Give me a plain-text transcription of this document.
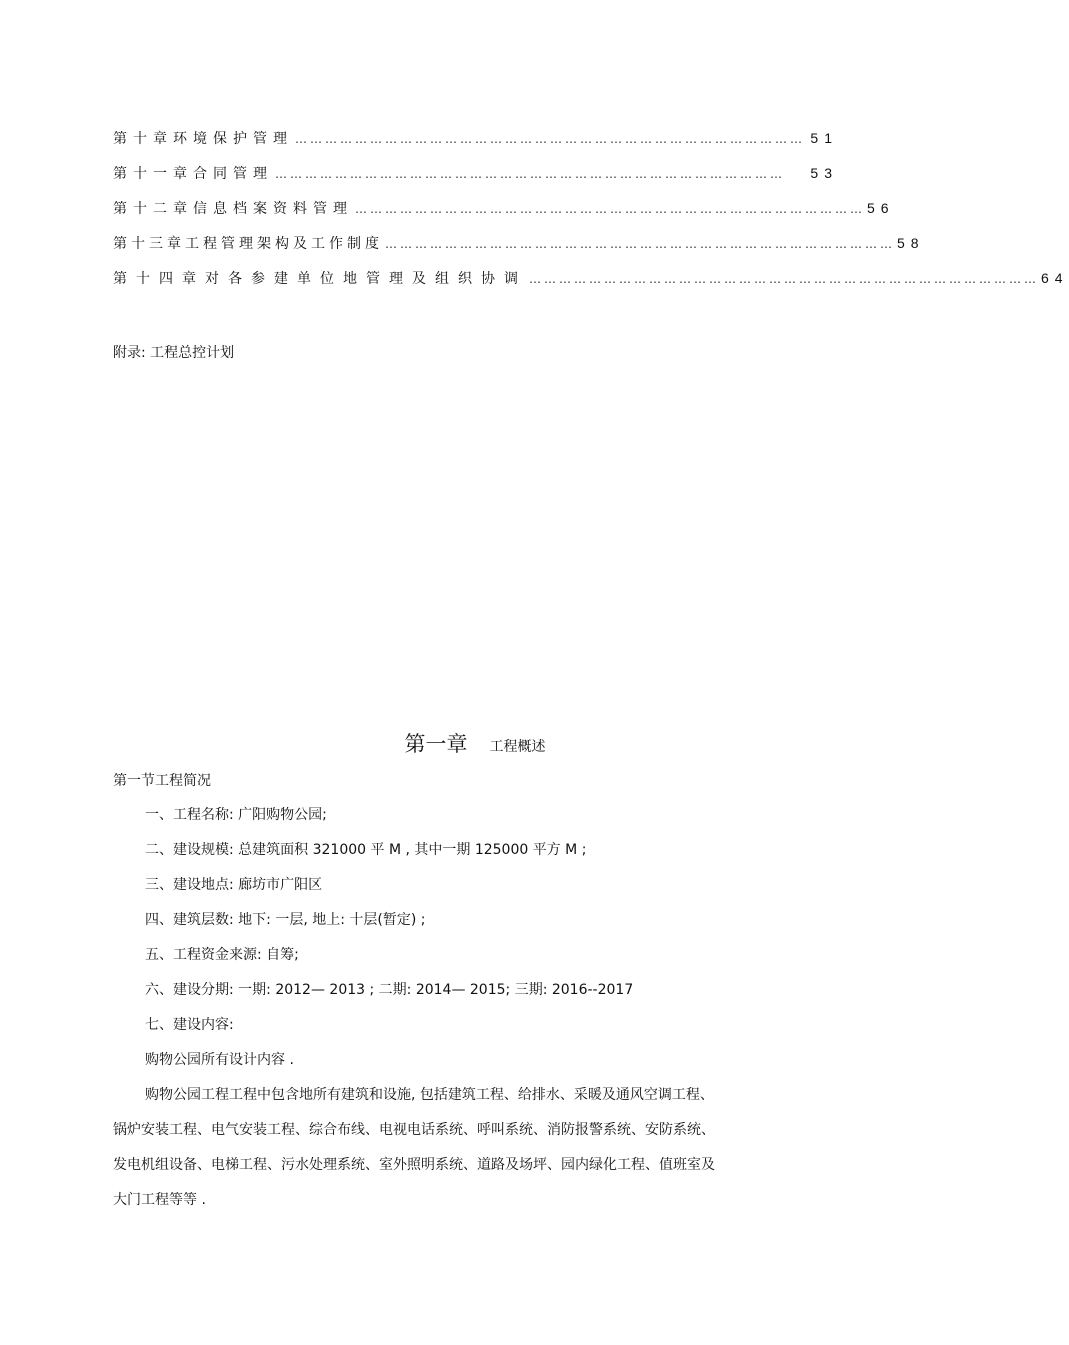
第十章环境保护管理 ………………………………………………………………………………………… 51
第十一章合同管理 …………………………………………………………………………………………	53
第十二章信息档案资料管理 ………………………………………………………………………………………… 56
第十三章工程管理架构及工作制度 ………………………………………………………………………………………… 58
第十四章对各参建单位地管理及组织协调 ………………………………………………………………………………………… 64
附录: 工程总控计划
第一章 工程概述
第一节工程简况
一、工程名称: 广阳购物公园;
二、建设规模: 总建筑面积 321000 平 M , 其中一期 125000 平方 M ;
三、建设地点: 廊坊市广阳区
四、建筑层数: 地下: 一层, 地上: 十层(暂定) ;
五、工程资金来源: 自筹;
六、建设分期: 一期: 2012— 2013 ; 二期: 2014— 2015; 三期: 2016--2017
七、建设内容:
购物公园所有设计内容 .
购物公园工程工程中包含地所有建筑和设施, 包括建筑工程、给排水、采暖及通风空调工程、
锅炉安装工程、电气安装工程、综合布线、电视电话系统、呼叫系统、消防报警系统、安防系统、
发电机组设备、电梯工程、污水处理系统、室外照明系统、道路及场坪、园内绿化工程、值班室及
大门工程等等 .
